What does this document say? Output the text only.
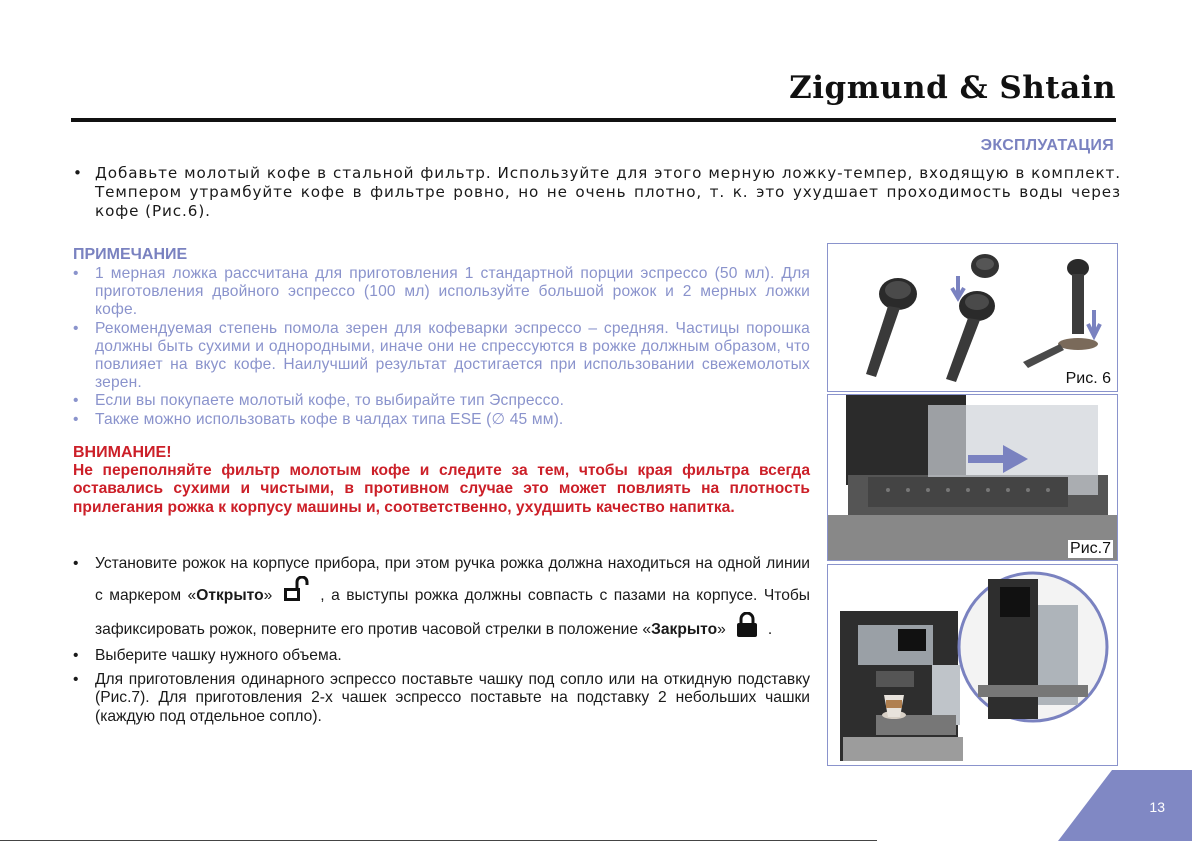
Zigmund & Shtain
ЭКСПЛУАТАЦИЯ
• Добавьте молотый кофе в стальной фильтр. Используйте для этого мерную ложку-темпер, входящую в комплект. Темпером утрамбуйте кофе в фильтре ровно, но не очень плотно, т. к. это ухудшает проходимость воды через кофе (Рис.6).
ПРИМЕЧАНИЕ
• 1 мерная ложка рассчитана для приготовления 1 стандартной порции эспрессо (50 мл). Для приготовления двойного эспрессо (100 мл) используйте большой рожок и 2 мерных ложки кофе.
• Рекомендуемая степень помола зерен для кофеварки эспрессо – средняя. Частицы порошка должны быть сухими и однородными, иначе они не спрессуются в рожке должным образом, что повлияет на вкус кофе. Наилучший результат достигается при использовании свежемолотых зерен.
• Если вы покупаете молотый кофе, то выбирайте тип Эспрессо.
• Также можно использовать кофе в чалдах типа ESE (∅ 45 мм).
ВНИМАНИЕ!

Не переполняйте фильтр молотым кофе и следите за тем, чтобы края фильтра всегда оставались сухими и чистыми, в противном случае это может повлиять на плотность прилегания рожка к корпусу машины и, соответственно, ухудшить качество напитка.

• Установите рожок на корпусе прибора, при этом ручка рожка должна находиться на одной линии с маркером «Открыто»	, а выступы рожка должны совпасть с пазами на корпусе. Чтобы зафиксировать рожок, поверните его против часовой стрелки в положение «Закрыто»	.
• Выберите чашку нужного объема.
• Для приготовления одинарного эспрессо поставьте чашку под сопло или на откидную подставку (Рис.7). Для приготовления 2-х чашек эспрессо поставьте на подставку 2 небольших чашки (каждую под отдельное сопло).
Рис. 6
Рис.7
13
